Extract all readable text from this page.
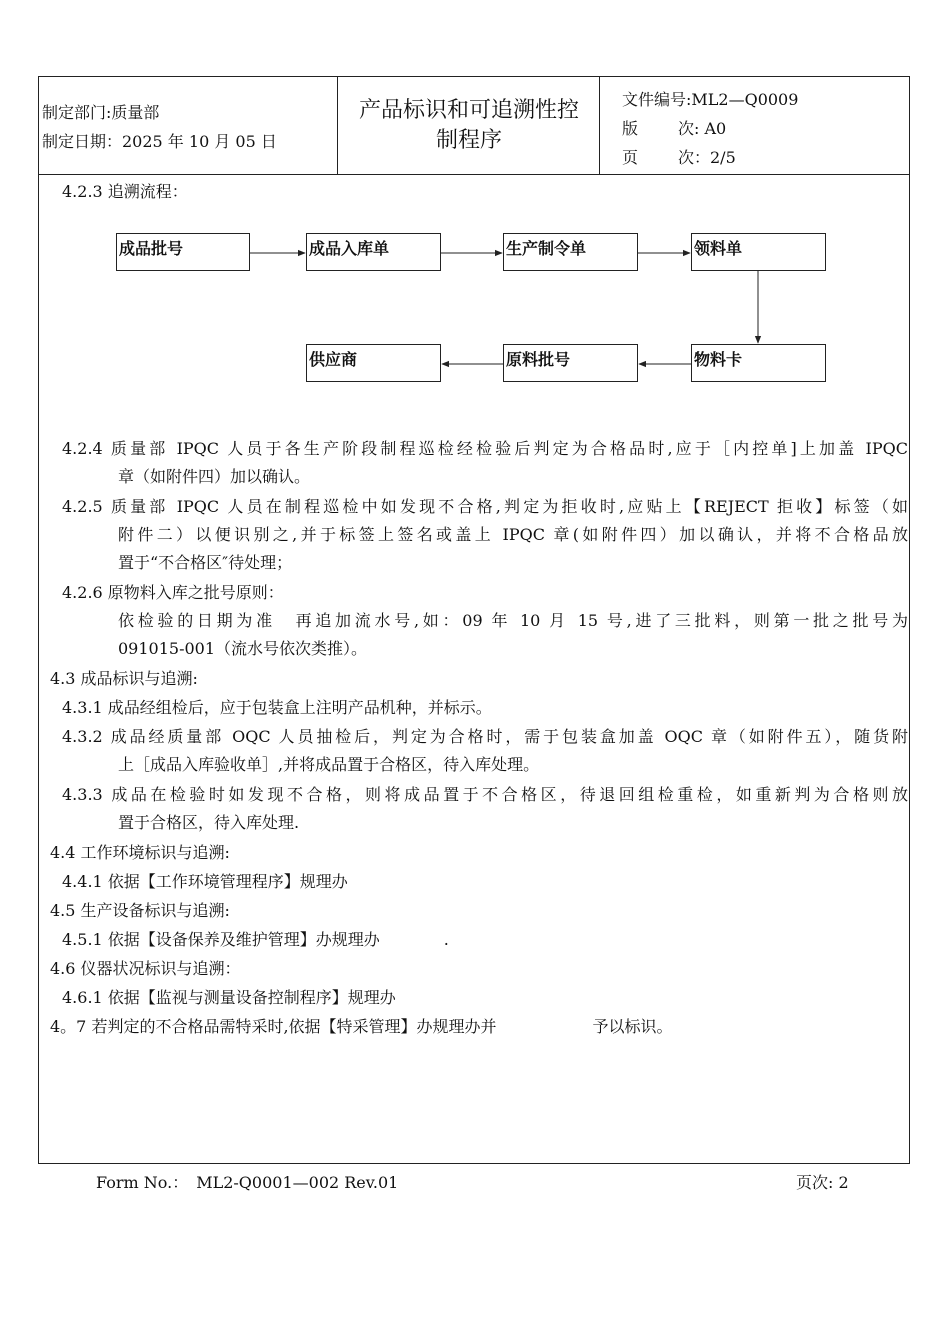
制定部门:质量部
制定日期：2025 年 10 月 05 日
产品标识和可追溯性控
制程序
文件编号:ML2—Q0009
版 次: A0
页 次：2/5
4.2.3 追溯流程：
成品批号	成品入库单	生产制令单	领料单
物料卡
原料批号
供应商
4.2.4 质量部 IPQC 人员于各生产阶段制程巡检经检验后判定为合格品时,应于［内控单]上加盖 IPQC
章（如附件四）加以确认。
4.2.5 质量部 IPQC 人员在制程巡检中如发现不合格,判定为拒收时,应贴上【REJECT 拒收】标签（如
附件二）以便识别之,并于标签上签名或盖上 IPQC 章(如附件四）加以确认，并将不合格品放
置于“不合格区″待处理；
4.2.6 原物料入库之批号原则：
依检验的日期为准　再追加流水号,如：09 年 10 月 15 号,进了三批料，则第一批之批号为
091015-001（流水号依次类推）。
4.3 成品标识与追溯:
4.3.1 成品经组检后，应于包装盒上注明产品机种，并标示。
4.3.2 成品经质量部 OQC 人员抽检后，判定为合格时，需于包装盒加盖 OQC 章（如附件五），随货附
上［成品入库验收单］,并将成品置于合格区，待入库处理。
4.3.3 成品在检验时如发现不合格，则将成品置于不合格区，待退回组检重检，如重新判为合格则放
置于合格区，待入库处理.
4.4 工作环境标识与追溯:
4.4.1 依据【工作环境管理程序】规理办
4.5 生产设备标识与追溯:
4.5.1 依据【设备保养及维护管理】办规理办　　　　.
4.6 仪器状况标识与追溯：
4.6.1 依据【监视与测量设备控制程序】规理办
4。7 若判定的不合格品需特采时,依据【特采管理】办规理办并　　　　　　予以标识。
Form No.：　ML2-Q0001—002 Rev.01	页次: 2
